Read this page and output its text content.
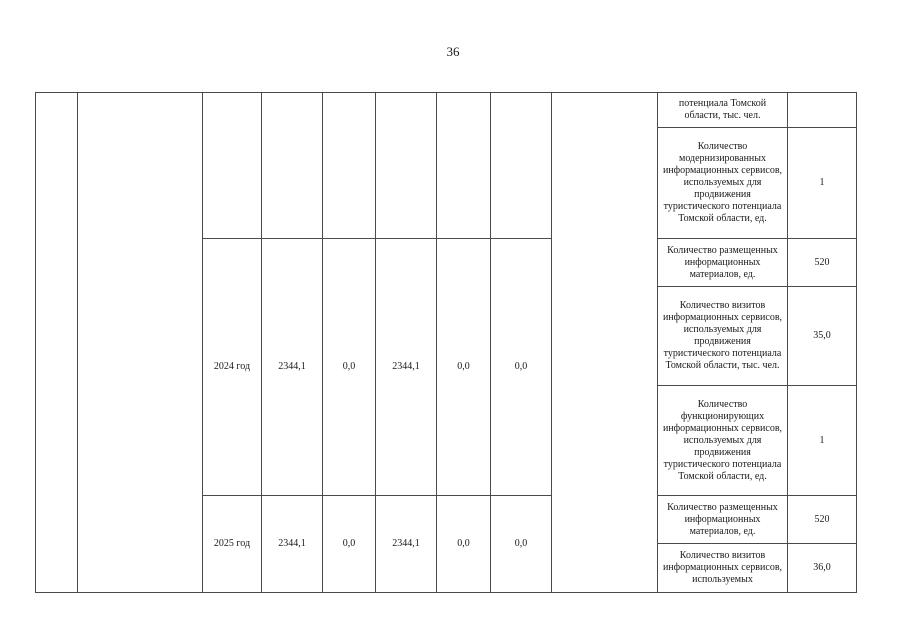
36
									потенциала Томской области, тыс. чел.	
									Количество модернизированных информационных сервисов, используемых для продвижения туристического потенциала Томской области, ед.	1
		2024 год	2344,1	0,0	2344,1	0,0	0,0		Количество размещенных информационных материалов, ед.	520
									Количество визитов информационных сервисов, используемых для продвижения туристического потенциала Томской области, тыс. чел.	35,0
									Количество функционирующих информационных сервисов, используемых для продвижения туристического потенциала Томской области, ед.	1
		2025 год	2344,1	0,0	2344,1	0,0	0,0		Количество размещенных информационных материалов, ед.	520
									Количество визитов информационных сервисов, используемых	36,0
